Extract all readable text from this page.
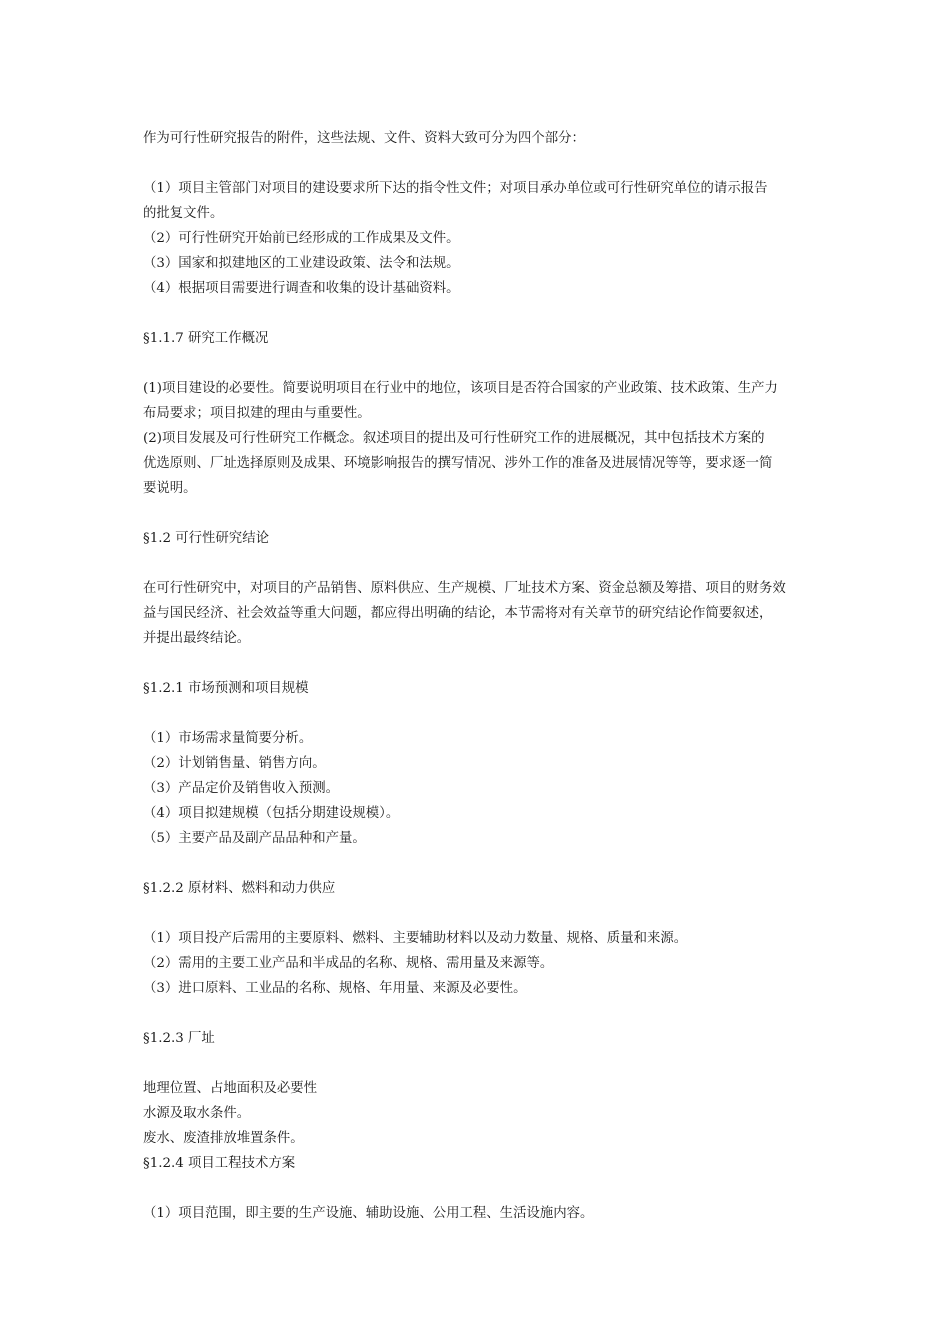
作为可行性研究报告的附件，这些法规、文件、资料大致可分为四个部分：

（1）项目主管部门对项目的建设要求所下达的指令性文件；对项目承办单位或可行性研究单位的请示报告
的批复文件。

（2）可行性研究开始前已经形成的工作成果及文件。

（3）国家和拟建地区的工业建设政策、法令和法规。

（4）根据项目需要进行调查和收集的设计基础资料。

§1.1.7 研究工作概况

(1)项目建设的必要性。简要说明项目在行业中的地位，该项目是否符合国家的产业政策、技术政策、生产力
布局要求；项目拟建的理由与重要性。

(2)项目发展及可行性研究工作概念。叙述项目的提出及可行性研究工作的进展概况，其中包括技术方案的
优选原则、厂址选择原则及成果、环境影响报告的撰写情况、涉外工作的准备及进展情况等等，要求逐一简
要说明。

§1.2 可行性研究结论

在可行性研究中，对项目的产品销售、原料供应、生产规模、厂址技术方案、资金总额及筹措、项目的财务效
益与国民经济、社会效益等重大问题，都应得出明确的结论，本节需将对有关章节的研究结论作简要叙述，
并提出最终结论。

§1.2.1 市场预测和项目规模

（1）市场需求量简要分析。

（2）计划销售量、销售方向。

（3）产品定价及销售收入预测。

（4）项目拟建规模（包括分期建设规模）。

（5）主要产品及副产品品种和产量。

§1.2.2 原材料、燃料和动力供应

（1）项目投产后需用的主要原料、燃料、主要辅助材料以及动力数量、规格、质量和来源。

（2）需用的主要工业产品和半成品的名称、规格、需用量及来源等。

（3）进口原料、工业品的名称、规格、年用量、来源及必要性。

§1.2.3 厂址

地理位置、占地面积及必要性

水源及取水条件。

废水、废渣排放堆置条件。

§1.2.4 项目工程技术方案

（1）项目范围，即主要的生产设施、辅助设施、公用工程、生活设施内容。
